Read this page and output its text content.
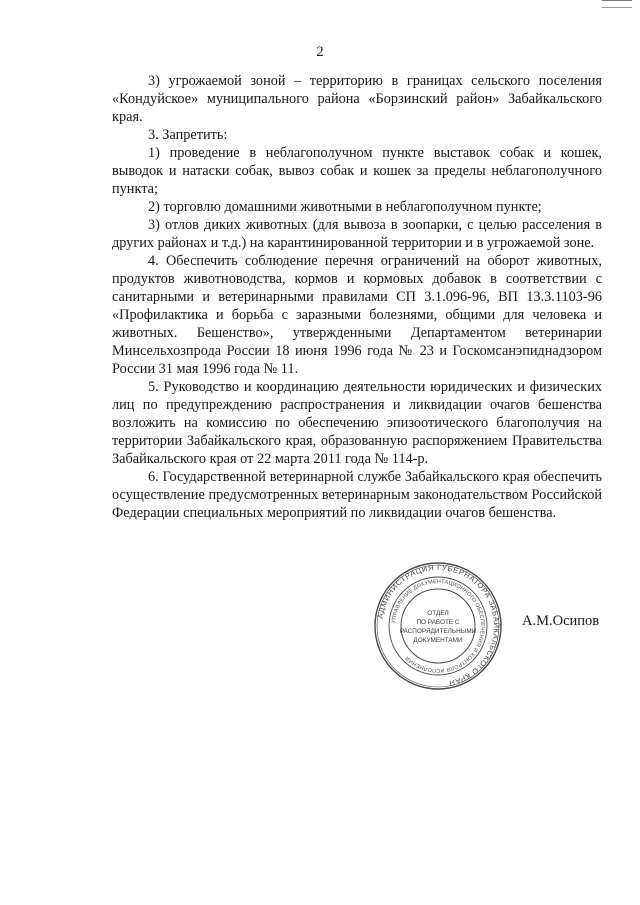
2

3) угрожаемой зоной – территорию в границах сельского поселения «Кондуйское» муниципального района «Борзинский район» Забайкальского края.

3. Запретить:

1) проведение в неблагополучном пункте выставок собак и кошек, выводок и натаски собак, вывоз собак и кошек за пределы неблагополучного пункта;

2) торговлю домашними животными в неблагополучном пункте;

3) отлов диких животных (для вывоза в зоопарки, с целью расселения в других районах и т.д.) на карантинированной территории и в угрожаемой зоне.

4. Обеспечить соблюдение перечня ограничений на оборот животных, продуктов животноводства, кормов и кормовых добавок в соответствии с санитарными и ветеринарными правилами СП 3.1.096-96, ВП 13.3.1103-96 «Профилактика и борьба с заразными болезнями, общими для человека и животных. Бешенство», утвержденными Департаментом ветеринарии Минсельхозпрода России 18 июня 1996 года № 23 и Госкомсанэпиднадзором России 31 мая 1996 года № 11.

5. Руководство и координацию деятельности юридических и физических лиц по предупреждению распространения и ликвидации очагов бешенства возложить на комиссию по обеспечению эпизоотического благополучия на территории Забайкальского края, образованную распоряжением Правительства Забайкальского края от 22 марта 2011 года № 114-р.

6. Государственной ветеринарной службе Забайкальского края обеспечить осуществление предусмотренных ветеринарным законодательством Российской Федерации специальных мероприятий по ликвидации очагов бешенства.

АДМИНИСТРАЦИЯ ГУБЕРНАТОРА ЗАБАЙКАЛЬСКОГО КРАЯ
УПРАВЛЕНИЕ ДОКУМЕНТАЦИОННОГО ОБЕСПЕЧЕНИЯ И КОНТРОЛЯ ИСПОЛНЕНИЯ
ОТДЕЛ
ПО РАБОТЕ С
РАСПОРЯДИТЕЛЬНЫМИ
ДОКУМЕНТАМИ
А.М.Осипов
